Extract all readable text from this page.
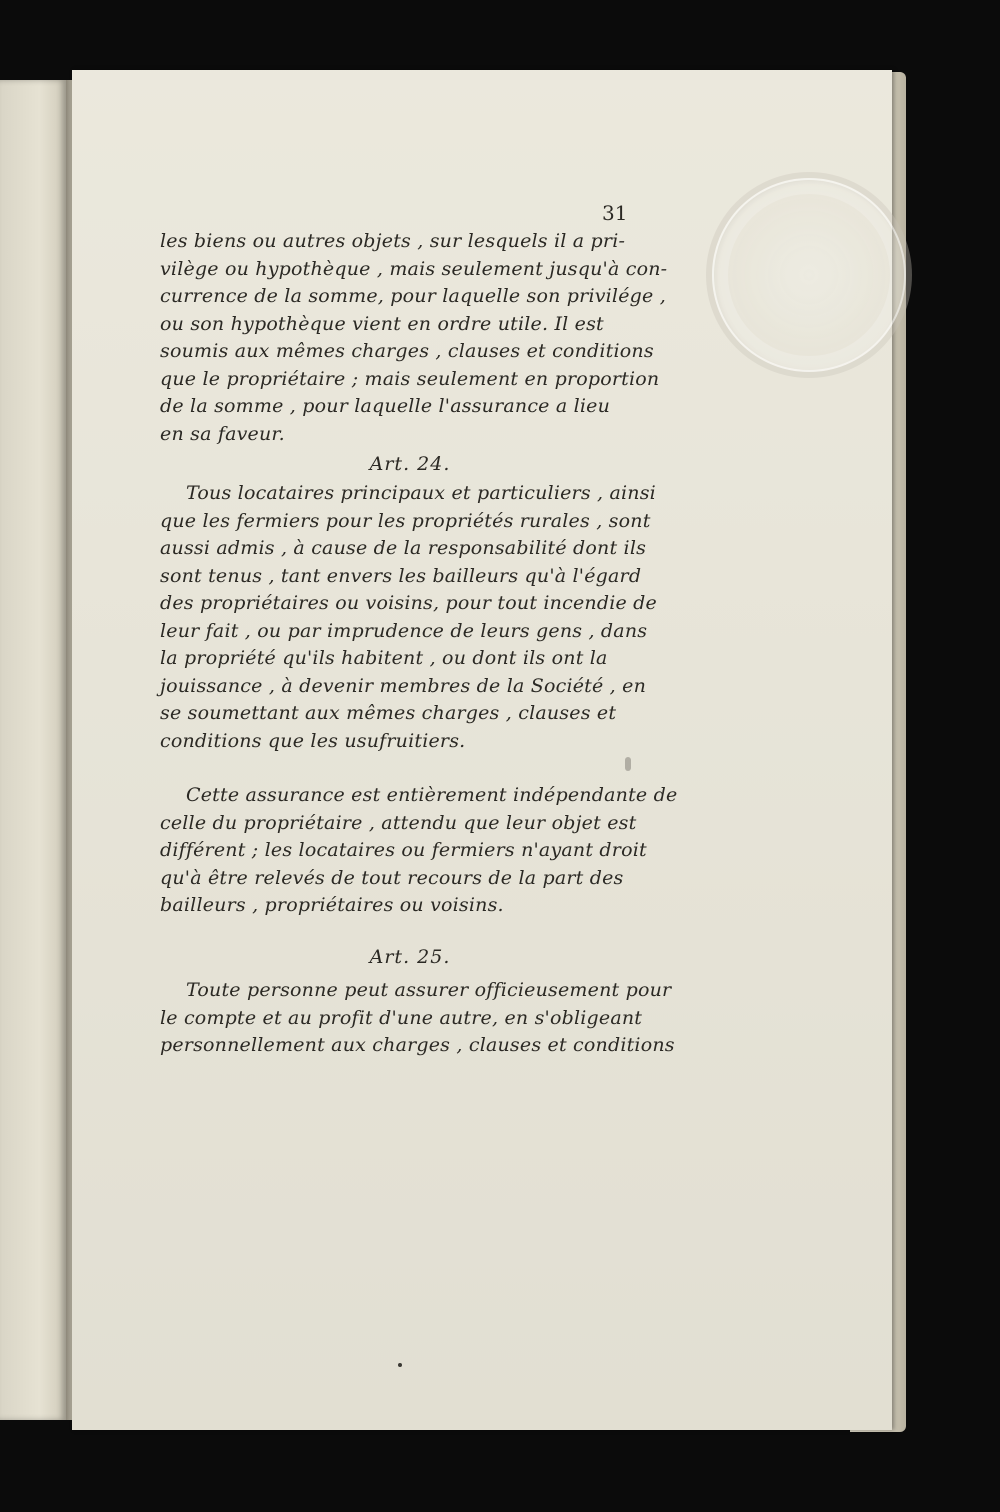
31
les biens ou autres objets , sur lesquels il a pri-
vilège ou hypothèque , mais seulement jusqu'à con-
currence de la somme, pour laquelle son privilége ,
ou son hypothèque vient en ordre utile. Il est
soumis aux mêmes charges , clauses et conditions
que le propriétaire ; mais seulement en proportion
de la somme , pour laquelle l'assurance a lieu
en sa faveur.
Art. 24.
Tous locataires principaux et particuliers , ainsi
que les fermiers pour les propriétés rurales , sont
aussi admis , à cause de la responsabilité dont ils
sont tenus , tant envers les bailleurs qu'à l'égard
des propriétaires ou voisins, pour tout incendie de
leur fait , ou par imprudence de leurs gens , dans
la propriété qu'ils habitent , ou dont ils ont la
jouissance , à devenir membres de la Société , en
se soumettant aux mêmes charges , clauses et
conditions que les usufruitiers.
Cette assurance est entièrement indépendante de
celle du propriétaire , attendu que leur objet est
différent ; les locataires ou fermiers n'ayant droit
qu'à être relevés de tout recours de la part des
bailleurs , propriétaires ou voisins.
Art. 25.
Toute personne peut assurer officieusement pour
le compte et au profit d'une autre, en s'obligeant
personnellement aux charges , clauses et conditions
